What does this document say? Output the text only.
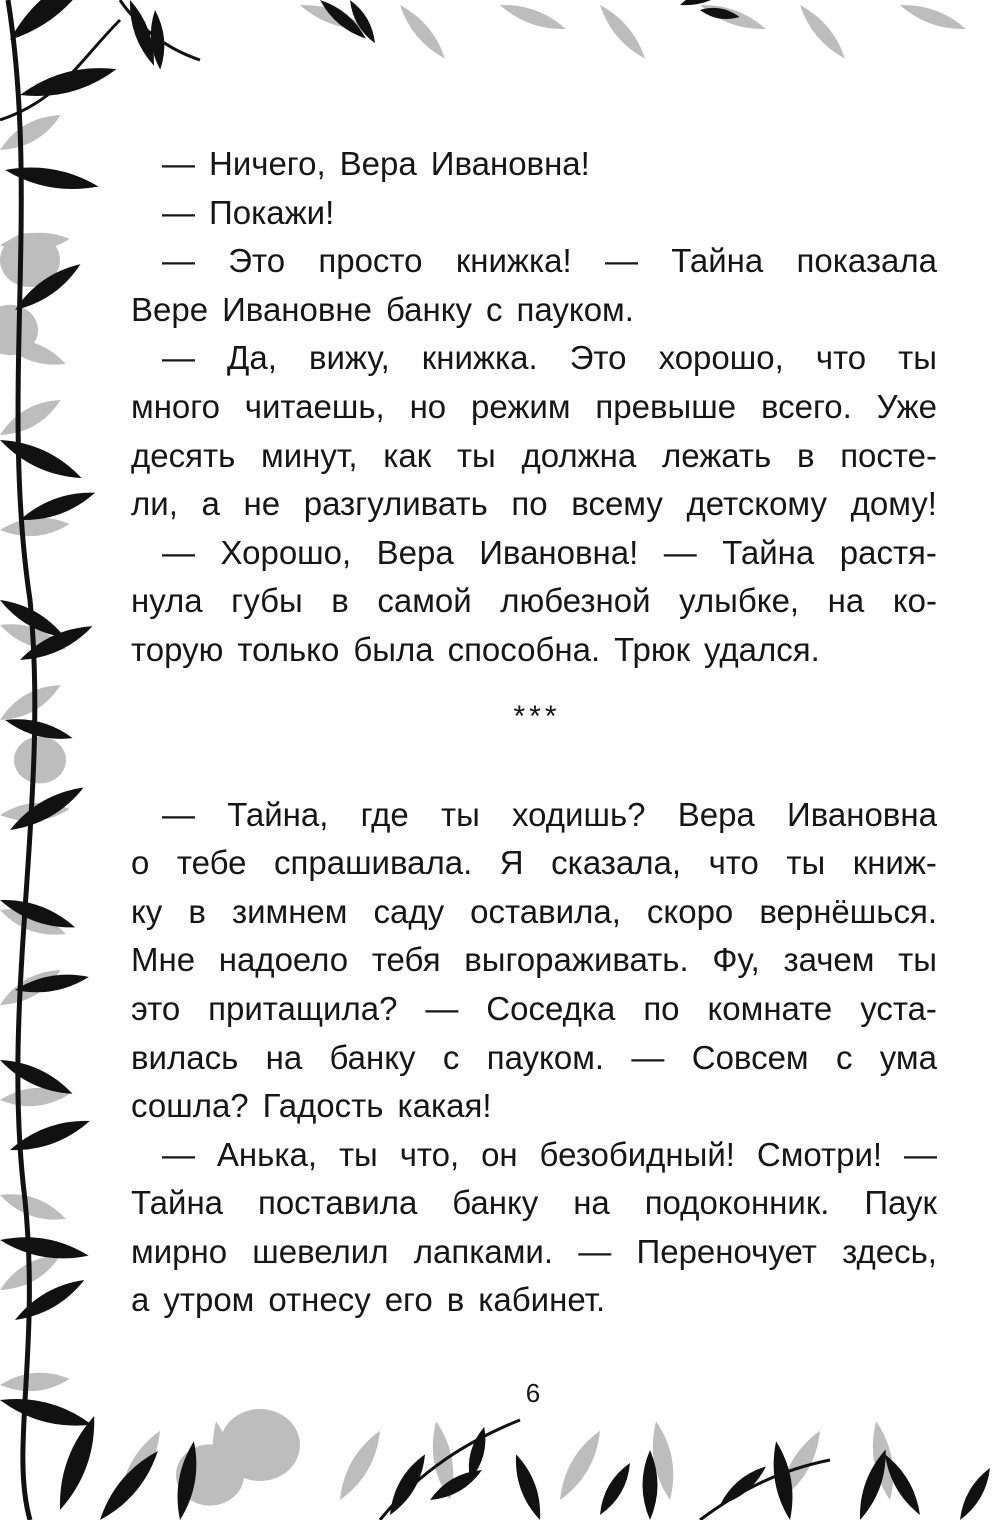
— Ничего, Вера Ивановна!
— Покажи!
— Это просто книжка! — Тайна показала
Вере Ивановне банку с пауком.
— Да, вижу, книжка. Это хорошо, что ты
много читаешь, но режим превыше всего. Уже
десять минут, как ты должна лежать в посте-
ли, а не разгуливать по всему детскому дому!
— Хорошо, Вера Ивановна! — Тайна растя-
нула губы в самой любезной улыбке, на ко-
торую только была способна. Трюк удался.
***
— Тайна, где ты ходишь? Вера Ивановна
о тебе спрашивала. Я сказала, что ты книж-
ку в зимнем саду оставила, скоро вернёшься.
Мне надоело тебя выгораживать. Фу, зачем ты
это притащила? — Соседка по комнате уста-
вилась на банку с пауком. — Совсем с ума
сошла? Гадость какая!
— Анька, ты что, он безобидный! Смотри! —
Тайна поставила банку на подоконник. Паук
мирно шевелил лапками. — Переночует здесь,
а утром отнесу его в кабинет.
6
